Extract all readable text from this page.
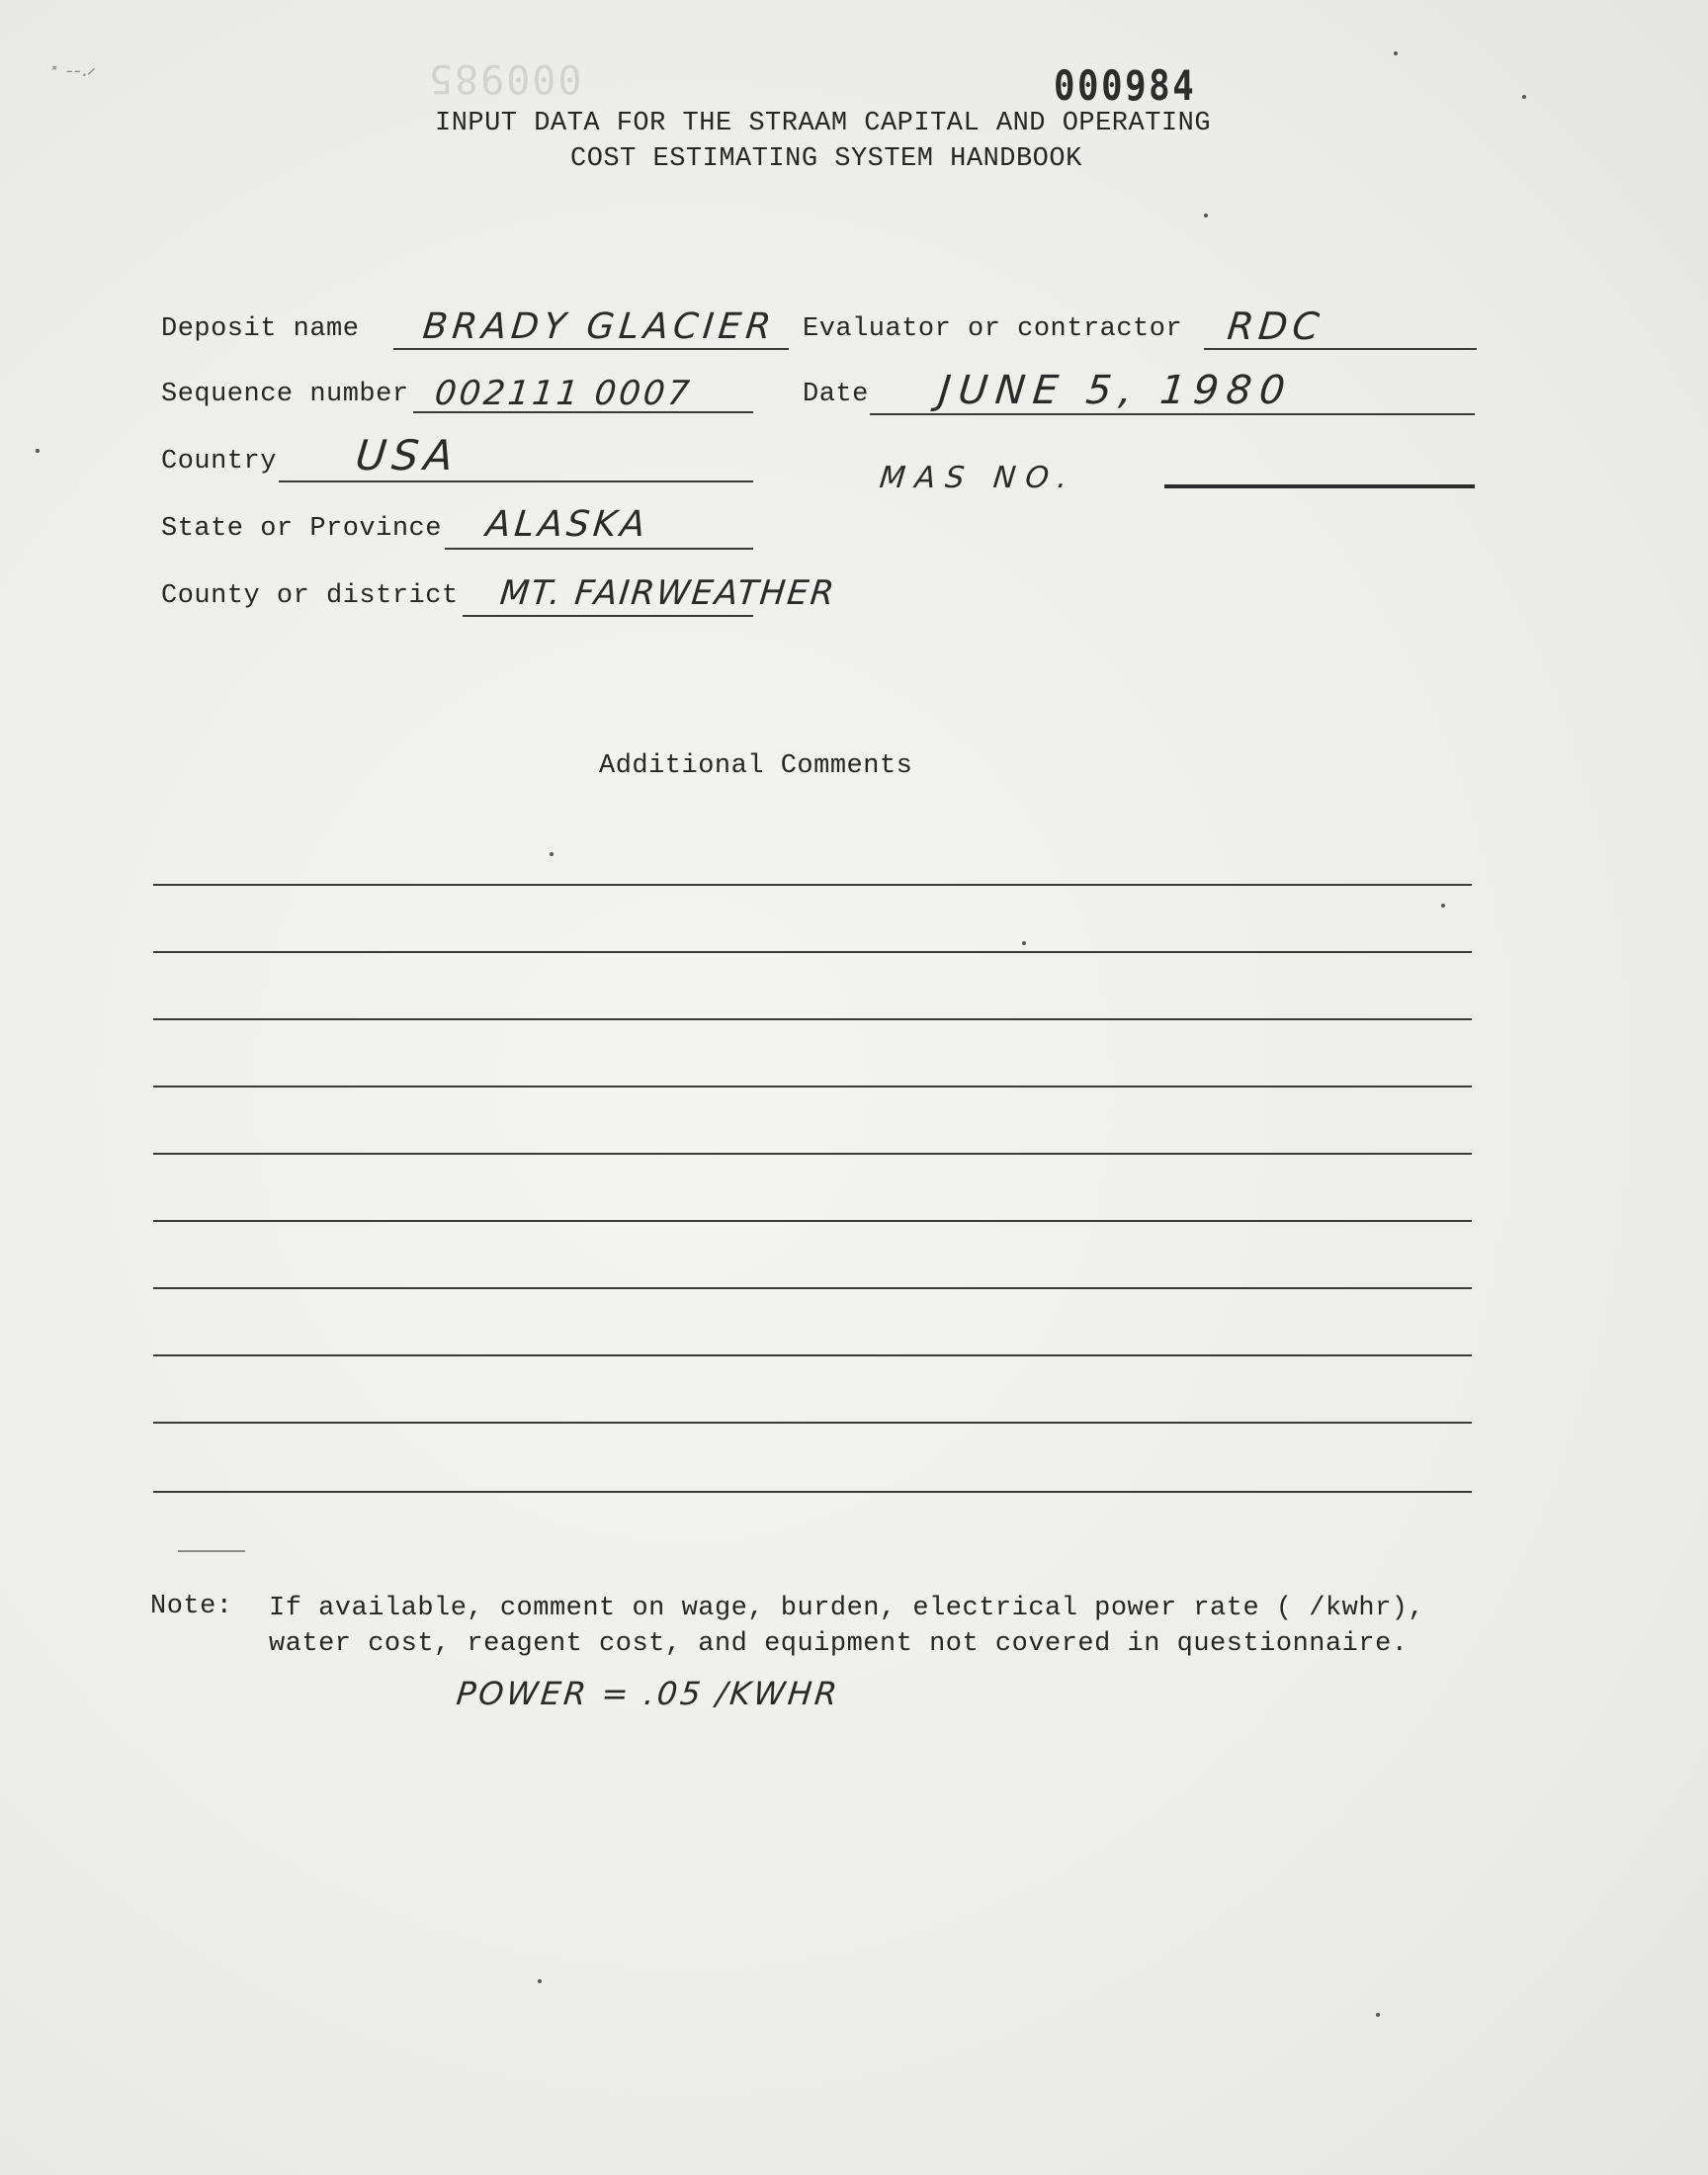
˟ ᐨᐨ·ᐟ	000985	000984
INPUT DATA FOR THE STRAAM CAPITAL AND OPERATING
COST ESTIMATING SYSTEM HANDBOOK
Deposit name BRADY GLACIER Evaluator or contractor RDC
Sequence number 002111 0007	Date JUNE 5, 1980
Country USA	MAS NO.
State or Province ALASKA
County or district MT. FAIRWEATHER
Additional Comments
Note: If available, comment on wage, burden, electrical power rate ( /kwhr),
water cost, reagent cost, and equipment not covered in questionnaire.
POWER = .05 /KWHR
